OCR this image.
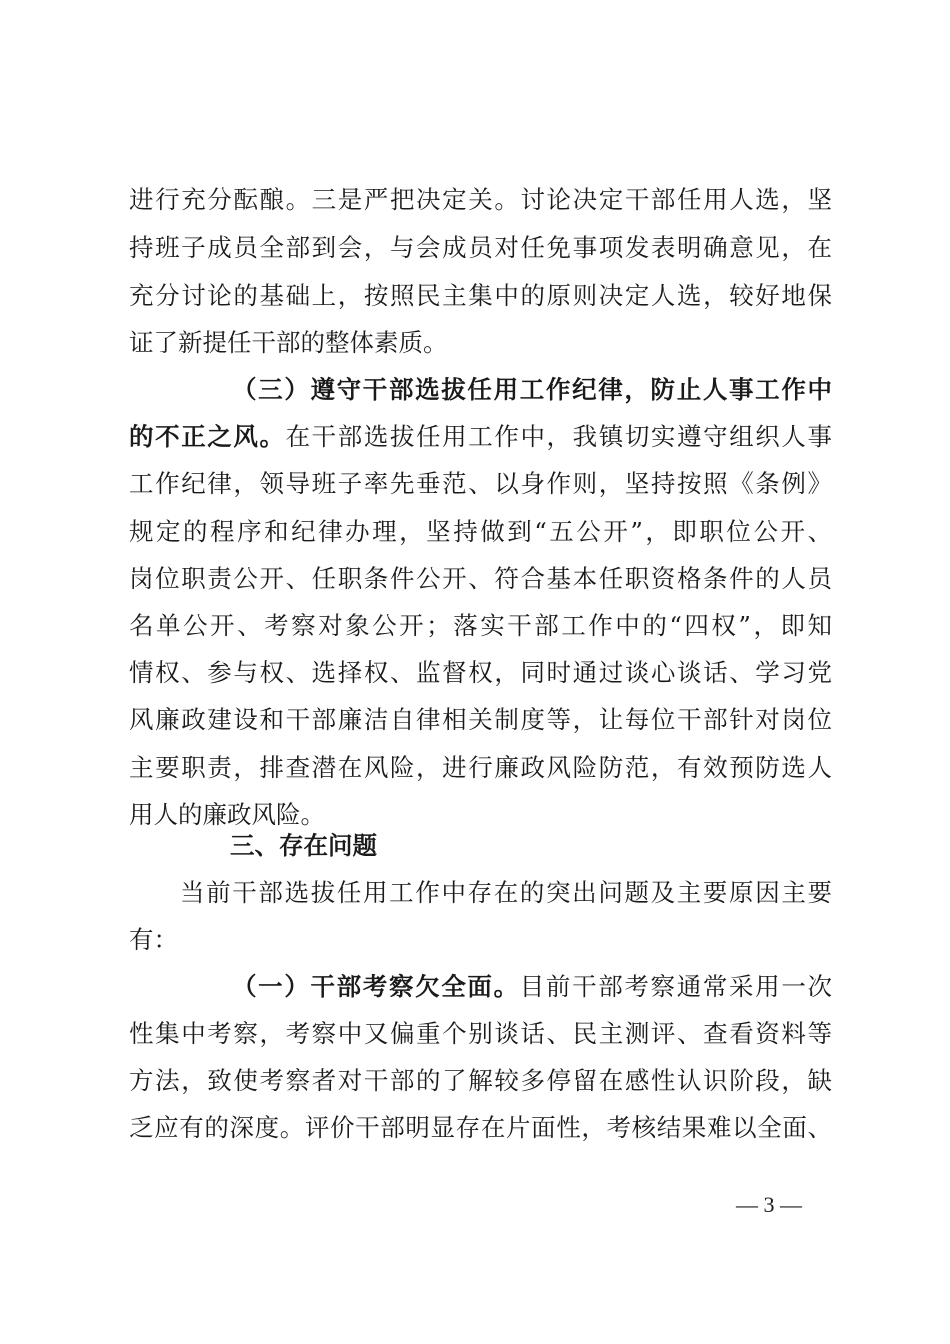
进行充分酝酿。三是严把决定关。讨论决定干部任用人选，坚
持班子成员全部到会，与会成员对任免事项发表明确意见，在
充分讨论的基础上，按照民主集中的原则决定人选，较好地保
证了新提任干部的整体素质。
（三）遵守干部选拔任用工作纪律，防止人事工作中
的不正之风。在干部选拔任用工作中，我镇切实遵守组织人事
工作纪律，领导班子率先垂范、以身作则，坚持按照《条例》
规定的程序和纪律办理，坚持做到“五公开”，即职位公开、
岗位职责公开、任职条件公开、符合基本任职资格条件的人员
名单公开、考察对象公开；落实干部工作中的“四权”，即知
情权、参与权、选择权、监督权，同时通过谈心谈话、学习党
风廉政建设和干部廉洁自律相关制度等，让每位干部针对岗位
主要职责，排查潜在风险，进行廉政风险防范，有效预防选人
用人的廉政风险。
三、存在问题
当前干部选拔任用工作中存在的突出问题及主要原因主要
有：
（一）干部考察欠全面。目前干部考察通常采用一次
性集中考察，考察中又偏重个别谈话、民主测评、查看资料等
方法，致使考察者对干部的了解较多停留在感性认识阶段，缺
乏应有的深度。评价干部明显存在片面性，考核结果难以全面、
— 3 —
